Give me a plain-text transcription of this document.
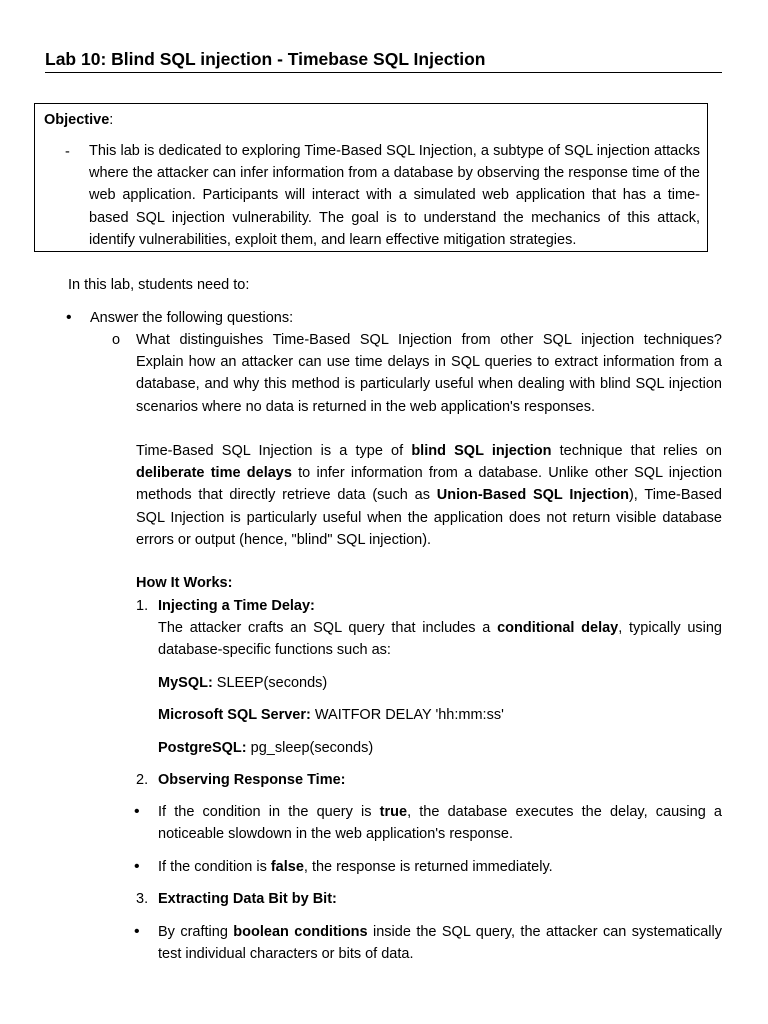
Lab 10: Blind SQL injection - Timebase SQL Injection
Objective:
- This lab is dedicated to exploring Time-Based SQL Injection, a subtype of SQL injection attacks where the attacker can infer information from a database by observing the response time of the web application. Participants will interact with a simulated web application that has a time-based SQL injection vulnerability. The goal is to understand the mechanics of this attack, identify vulnerabilities, exploit them, and learn effective mitigation strategies.
In this lab, students need to:
• Answer the following questions:
o What distinguishes Time-Based SQL Injection from other SQL injection techniques? Explain how an attacker can use time delays in SQL queries to extract information from a database, and why this method is particularly useful when dealing with blind SQL injection scenarios where no data is returned in the web application's responses.
Time-Based SQL Injection is a type of blind SQL injection technique that relies on deliberate time delays to infer information from a database. Unlike other SQL injection methods that directly retrieve data (such as Union-Based SQL Injection), Time-Based SQL Injection is particularly useful when the application does not return visible database errors or output (hence, "blind" SQL injection).
How It Works:
1. Injecting a Time Delay:
The attacker crafts an SQL query that includes a conditional delay, typically using database-specific functions such as:
MySQL: SLEEP(seconds)
Microsoft SQL Server: WAITFOR DELAY 'hh:mm:ss'
PostgreSQL: pg_sleep(seconds)
2. Observing Response Time:
• If the condition in the query is true, the database executes the delay, causing a noticeable slowdown in the web application's response.
• If the condition is false, the response is returned immediately.
3. Extracting Data Bit by Bit:
• By crafting boolean conditions inside the SQL query, the attacker can systematically test individual characters or bits of data.
